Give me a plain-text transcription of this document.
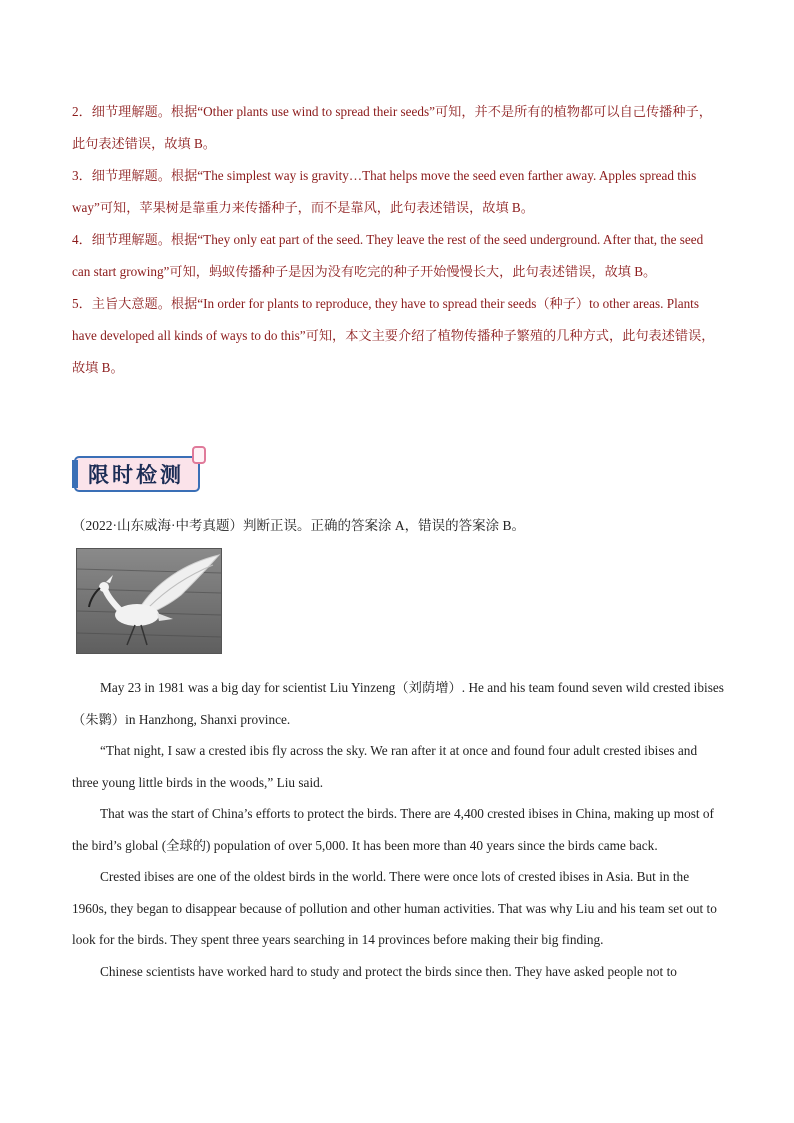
2．细节理解题。根据“Other plants use wind to spread their seeds”可知，并不是所有的植物都可以自己传播种子，此句表述错误，故填 B。

3．细节理解题。根据“The simplest way is gravity…That helps move the seed even farther away. Apples spread this way”可知，苹果树是靠重力来传播种子，而不是靠风，此句表述错误，故填 B。

4．细节理解题。根据“They only eat part of the seed. They leave the rest of the seed underground. After that, the seed can start growing”可知，蚂蚁传播种子是因为没有吃完的种子开始慢慢长大，此句表述错误，故填 B。

5．主旨大意题。根据“In order for plants to reproduce, they have to spread their seeds（种子）to other areas. Plants have developed all kinds of ways to do this”可知，本文主要介绍了植物传播种子繁殖的几种方式，此句表述错误，故填 B。

限时检测
（2022·山东威海·中考真题）判断正误。正确的答案涂 A，错误的答案涂 B。

May 23 in 1981 was a big day for scientist Liu Yinzeng（刘荫增）. He and his team found seven wild crested ibises（朱鹮）in Hanzhong, Shanxi province.

“That night, I saw a crested ibis fly across the sky. We ran after it at once and found four adult crested ibises and three young little birds in the woods,” Liu said.

That was the start of China’s efforts to protect the birds. There are 4,400 crested ibises in China, making up most of the bird’s global (全球的) population of over 5,000. It has been more than 40 years since the birds came back.

Crested ibises are one of the oldest birds in the world. There were once lots of crested ibises in Asia. But in the 1960s, they began to disappear because of pollution and other human activities. That was why Liu and his team set out to look for the birds. They spent three years searching in 14 provinces before making their big finding.

Chinese scientists have worked hard to study and protect the birds since then. They have asked people not to
